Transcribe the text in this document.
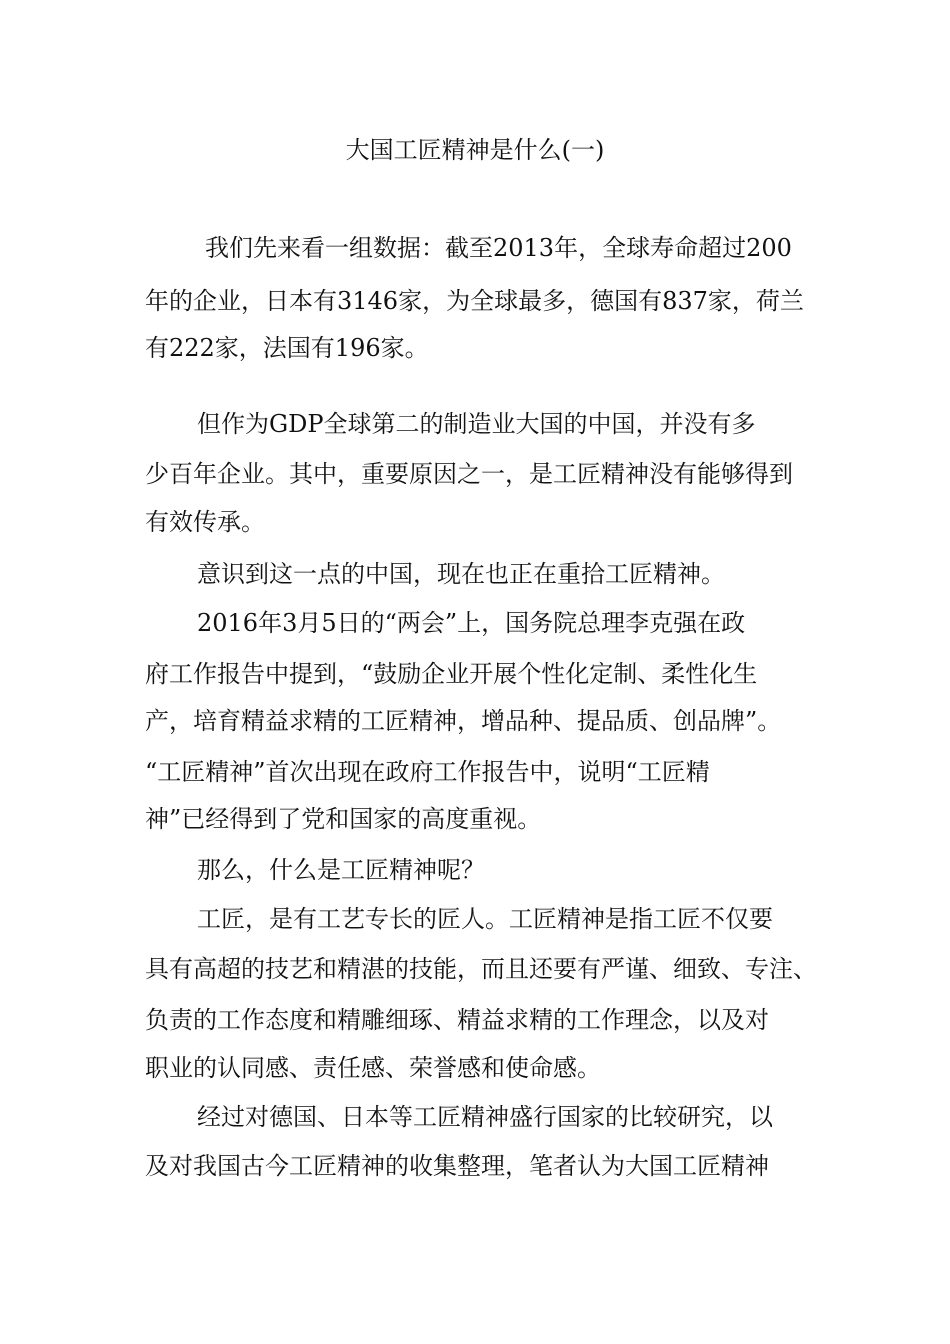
大国工匠精神是什么(一)
我们先来看一组数据：截至2013年，全球寿命超过200
年的企业，日本有3146家，为全球最多，德国有837家，荷兰
有222家，法国有196家。
但作为GDP全球第二的制造业大国的中国，并没有多
少百年企业。其中，重要原因之一，是工匠精神没有能够得到
有效传承。
意识到这一点的中国，现在也正在重拾工匠精神。
2016年3月5日的“两会”上，国务院总理李克强在政
府工作报告中提到，“鼓励企业开展个性化定制、柔性化生
产，培育精益求精的工匠精神，增品种、提品质、创品牌”。
“工匠精神”首次出现在政府工作报告中，说明“工匠精
神”已经得到了党和国家的高度重视。
那么，什么是工匠精神呢？
工匠，是有工艺专长的匠人。工匠精神是指工匠不仅要
具有高超的技艺和精湛的技能，而且还要有严谨、细致、专注、
负责的工作态度和精雕细琢、精益求精的工作理念，以及对
职业的认同感、责任感、荣誉感和使命感。
经过对德国、日本等工匠精神盛行国家的比较研究，以
及对我国古今工匠精神的收集整理，笔者认为大国工匠精神
